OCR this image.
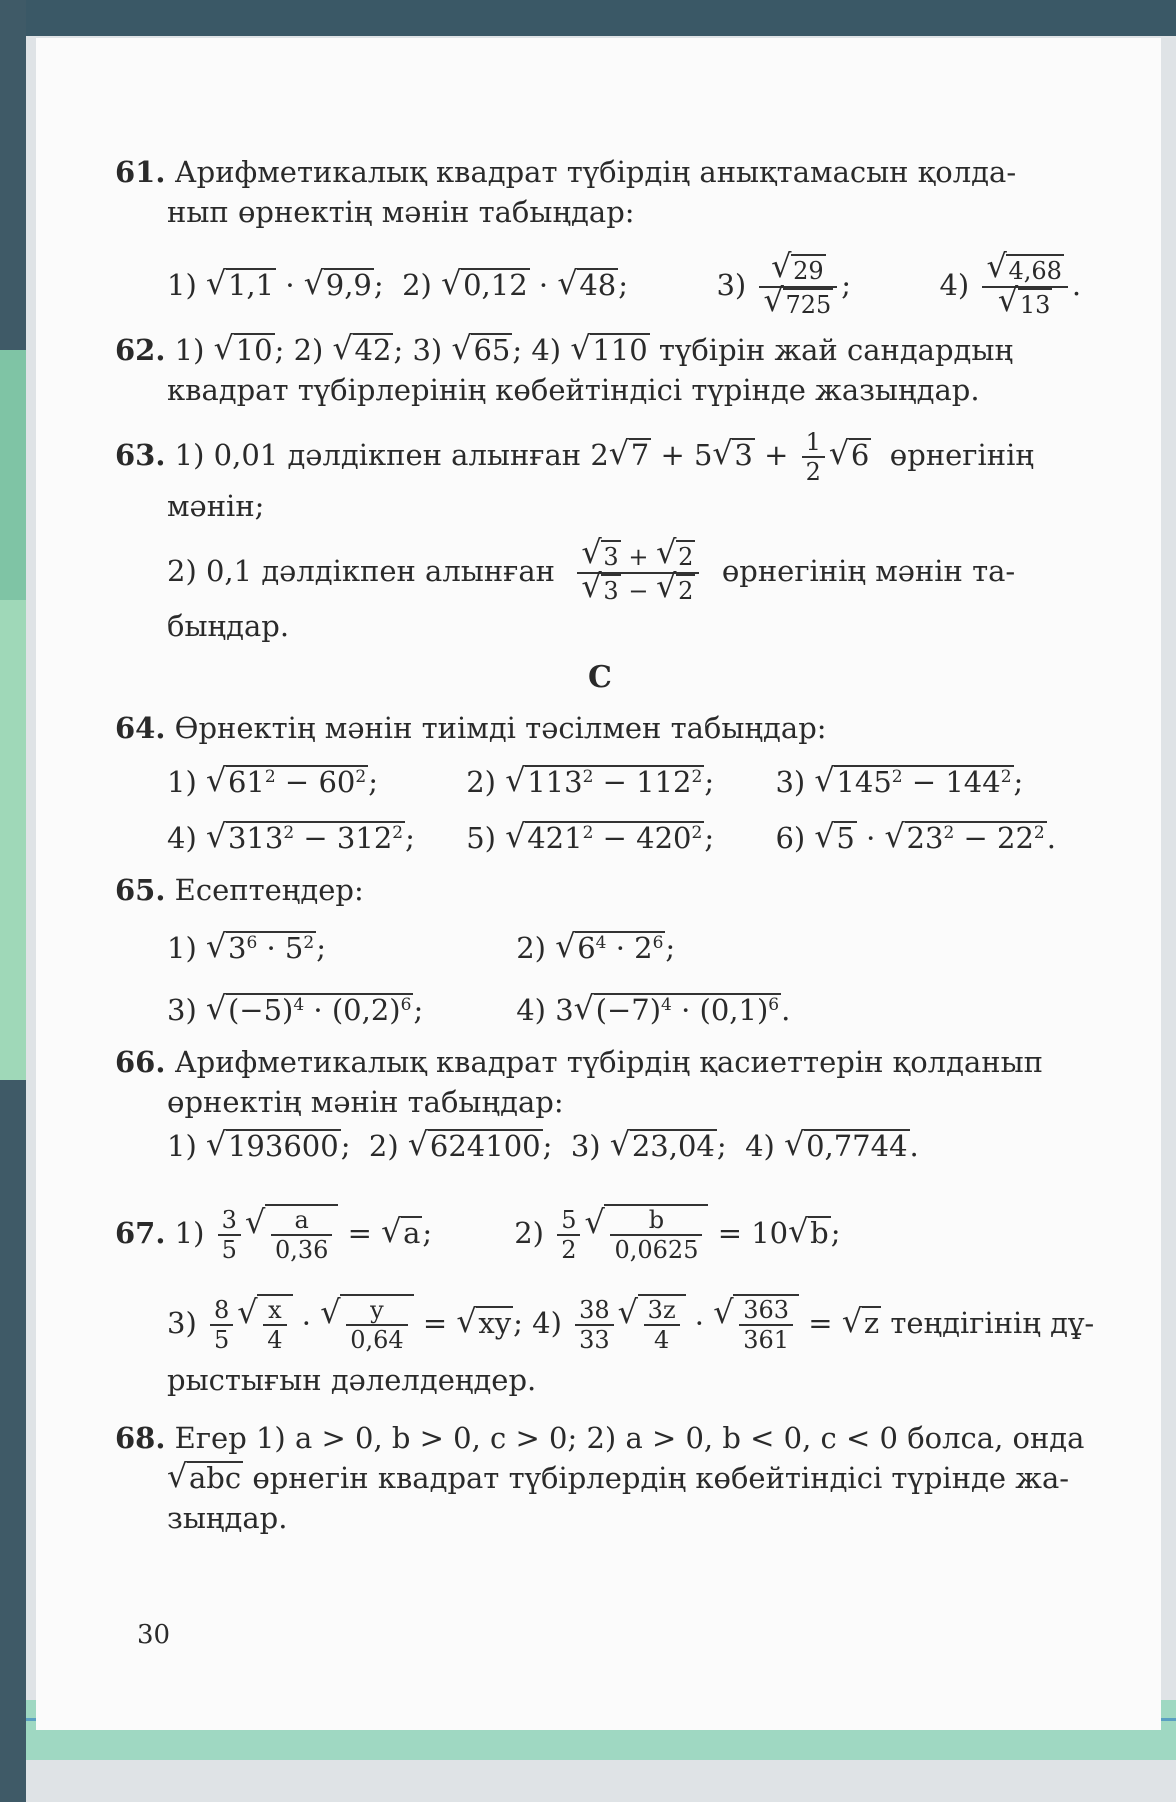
61. Арифметикалық квадрат түбірдің анықтамасын қолда-
нып өрнектің мәнін табыңдар:
1) √ 1,1 · √ 9,9;  2) √ 0,12 · √ 48;	3)
√ 29
√ 725 ;	4)
√ 4,68
√ 13 .
62. 1) √ 10; 2) √ 42; 3) √ 65; 4) √ 110 түбірін жай сандардың
квадрат түбірлерінің көбейтіндісі түрінде жазыңдар.
63. 1) 0,01 дәлдікпен алынған 2√ 7 + 5√ $3 + \frac{1}{2}$
√ 6 өрнегінің
мәнін;
2) 0,1 дәлдікпен алынған
√ 3 + √ 2
√ 3 − √ 2 өрнегінің мәнін та-
быңдар.
C
64. Өрнектің мәнін тиімді тәсілмен табыңдар:
1) √ $61^2 - 60^2$;	2) √ $113^2 - 112^2$; 3) √ $145^2 - 144^2$;
4) √ $313^2 - 312^2$; 5) √ $421^2 - 420^2$; 6) √ 5 · √ $23^2 - 22^2$.
65. Есептеңдер:
1) √ $3^6 \cdot 5^2$;	2) √ $6^4 \cdot 2^6$;
3) √ $(-5)^4 \cdot (0,2)^6$;	4) 3√ $(-7)^4 \cdot (0,1)^6$.
66. Арифметикалық квадрат түбірдің қасиеттерін қолданып
өрнектің мәнін табыңдар:
1) √ 193600;  2) √ 624100;  3) √ 23,04;  4) √ 0,7744.
67. $1) \frac{3}{5}$
√ $\frac{a}{0,36}$ = √ a;	$2) \frac{5}{2}$
√ $\frac{b}{0,0625} = 10√$ b;
$3) \frac{8}{5}$
√ $\frac{x}{4}$ ·
√ $\frac{y}{0,64}$ = √ xy; $4) \frac{38}{33}$
√ $\frac{3z}{4}$ ·
√ $\frac{363}{361}$ = √ z теңдігінің дұ-
рыстығын дәлелдеңдер.
68. Егер 1) a > 0, b > 0, c > 0; 2) a > 0, b < 0, c < 0 болса, онда
√ abc өрнегін квадрат түбірлердің көбейтіндісі түрінде жа-
зыңдар.
30
